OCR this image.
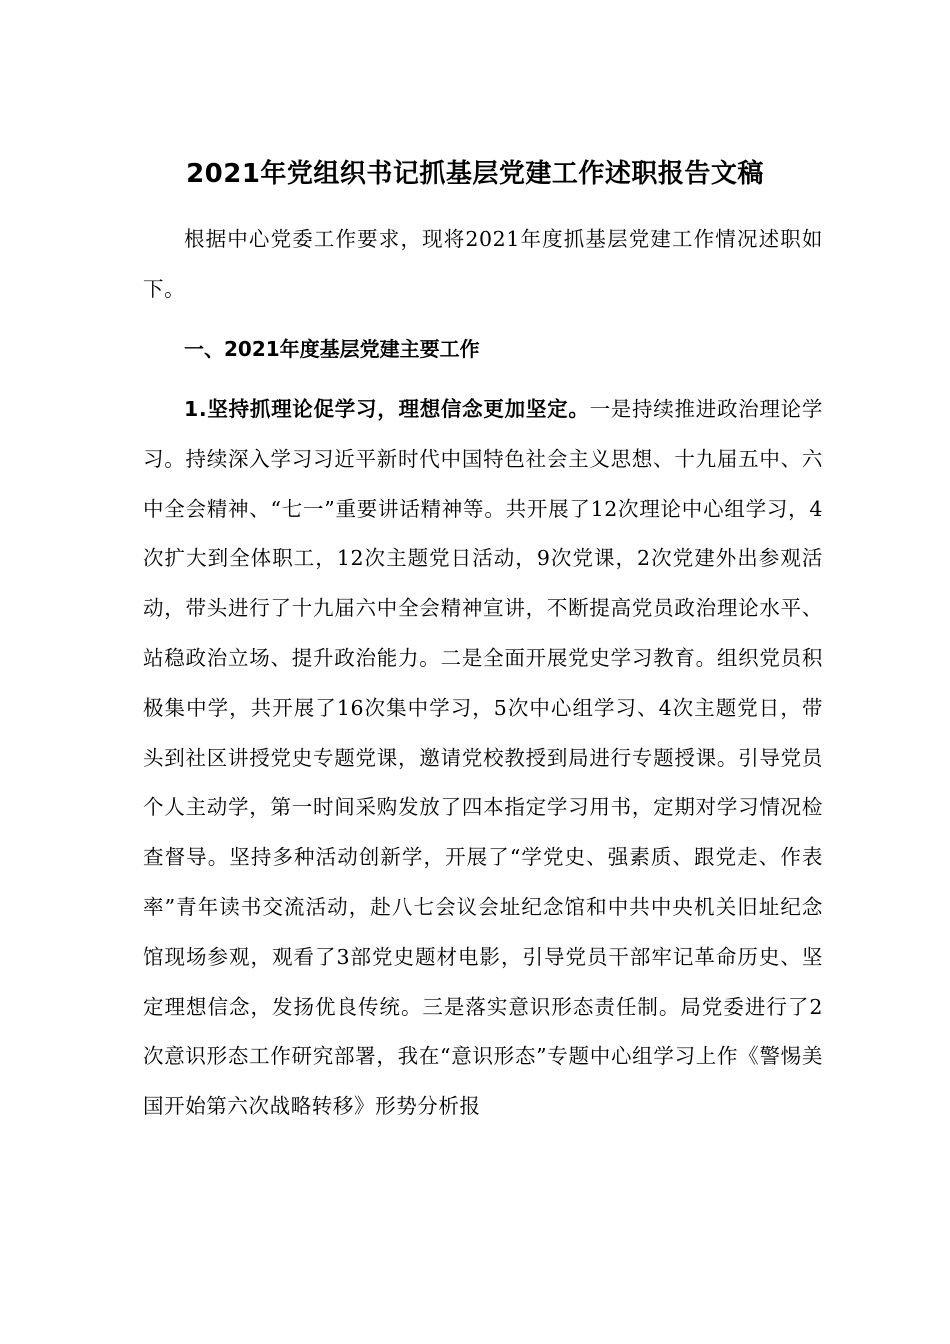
2021年党组织书记抓基层党建工作述职报告文稿

根据中心党委工作要求，现将2021年度抓基层党建工作情况述职如下。

一、2021年度基层党建主要工作

1.坚持抓理论促学习，理想信念更加坚定。一是持续推进政治理论学习。持续深入学习习近平新时代中国特色社会主义思想、十九届五中、六中全会精神、“七一”重要讲话精神等。共开展了12次理论中心组学习，4次扩大到全体职工，12次主题党日活动，9次党课，2次党建外出参观活动，带头进行了十九届六中全会精神宣讲，不断提高党员政治理论水平、站稳政治立场、提升政治能力。二是全面开展党史学习教育。组织党员积极集中学，共开展了16次集中学习，5次中心组学习、4次主题党日，带头到社区讲授党史专题党课，邀请党校教授到局进行专题授课。引导党员个人主动学，第一时间采购发放了四本指定学习用书，定期对学习情况检查督导。坚持多种活动创新学，开展了“学党史、强素质、跟党走、作表率”青年读书交流活动，赴八七会议会址纪念馆和中共中央机关旧址纪念馆现场参观，观看了3部党史题材电影，引导党员干部牢记革命历史、坚定理想信念，发扬优良传统。三是落实意识形态责任制。局党委进行了2次意识形态工作研究部署，我在“意识形态”专题中心组学习上作《警惕美国开始第六次战略转移》形势分析报
